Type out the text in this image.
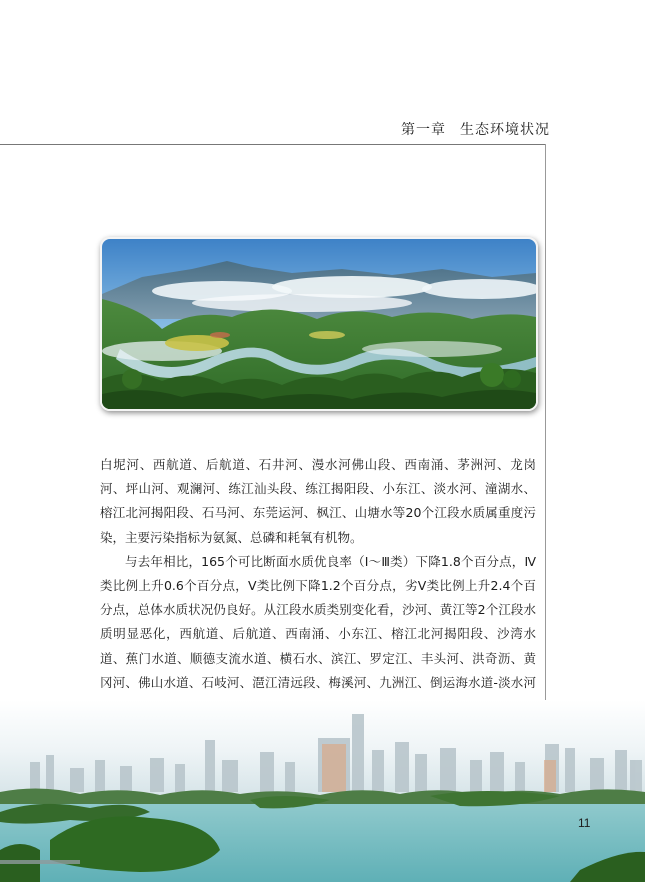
第一章 生态环境状况

白坭河、西航道、后航道、石井河、漫水河佛山段、西南涌、茅洲河、龙岗河、坪山河、观澜河、练江汕头段、练江揭阳段、小东江、淡水河、潼湖水、榕江北河揭阳段、石马河、东莞运河、枫江、山塘水等20个江段水质属重度污染，主要污染指标为氨氮、总磷和耗氧有机物。

与去年相比，165个可比断面水质优良率（Ⅰ～Ⅲ类）下降1.8个百分点，Ⅳ类比例上升0.6个百分点，Ⅴ类比例下降1.2个百分点，劣Ⅴ类比例上升2.4个百分点，总体水质状况仍良好。从江段水质类别变化看，沙河、黄江等2个江段水质明显恶化，西航道、后航道、西南涌、小东江、榕江北河揭阳段、沙湾水道、蕉门水道、顺德支流水道、横石水、滨江、罗定江、丰头河、洪奇沥、黄冈河、佛山水道、石岐河、潖江清远段、梅溪河、九洲江、倒运海水道-淡水河

11
